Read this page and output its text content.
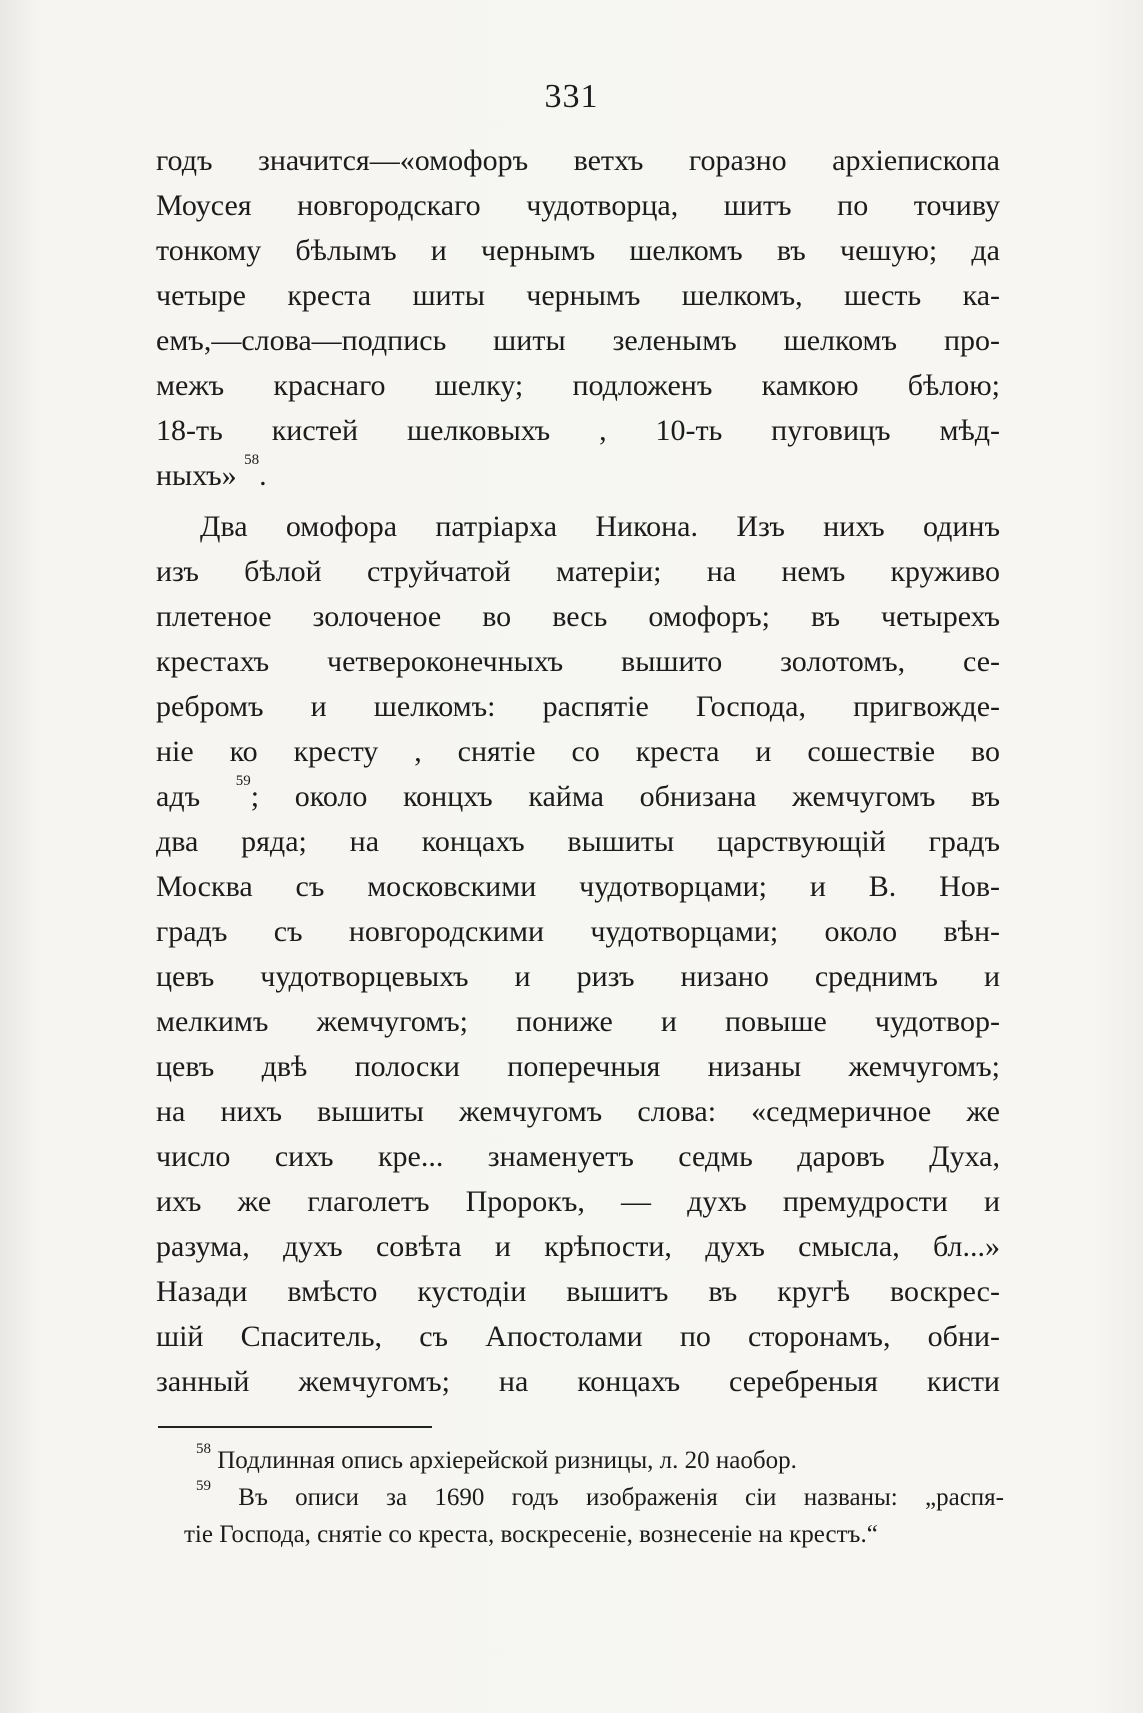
331
годъ значится—«омофоръ ветхъ горазно архіепископа
Моусея новгородскаго чудотворца, шитъ по точиву
тонкому бѣлымъ и чернымъ шелкомъ въ чешую; да
четыре креста шиты чернымъ шелкомъ, шесть ка-
емъ,—слова—подпись шиты зеленымъ шелкомъ про-
межъ краснаго шелку; подложенъ камкою бѣлою;
18-ть кистей шелковыхъ , 10-ть пуговицъ мѣд-
ныхъ» $^{58}$.
Два омофора патріарха Никона. Изъ нихъ одинъ
изъ бѣлой струйчатой матеріи; на немъ круживо
плетеное золоченое во весь омофоръ; въ четырехъ
крестахъ четвероконечныхъ вышито золотомъ, се-
ребромъ и шелкомъ: распятіе Господа, пригвожде-
ніе ко кресту , снятіе со креста и сошествіе во
адъ $^{59}$; около концхъ кайма обнизана жемчугомъ въ
два ряда; на концахъ вышиты царствующій градъ
Москва съ московскими чудотворцами; и В. Нов-
градъ съ новгородскими чудотворцами; около вѣн-
цевъ чудотворцевыхъ и ризъ низано среднимъ и
мелкимъ жемчугомъ; пониже и повыше чудотвор-
цевъ двѣ полоски поперечныя низаны жемчугомъ;
на нихъ вышиты жемчугомъ слова: «седмеричное же
число сихъ кре... знаменуетъ седмь даровъ Духа,
ихъ же глаголетъ Пророкъ, — духъ премудрости и
разума, духъ совѣта и крѣпости, духъ смысла, бл...»
Назади вмѣсто кустодіи вышитъ въ кругѣ воскрес-
шій Спаситель, съ Апостолами по сторонамъ, обни-
занный жемчугомъ; на концахъ серебреныя кисти
$^{58}$ Подлинная опись архіерейской ризницы, л. 20 наобор.
$^{59}$ Въ описи за 1690 годъ изображенія сіи названы: „распя-
тіе Господа, снятіе со креста, воскресеніе, вознесеніе на крестъ.“
